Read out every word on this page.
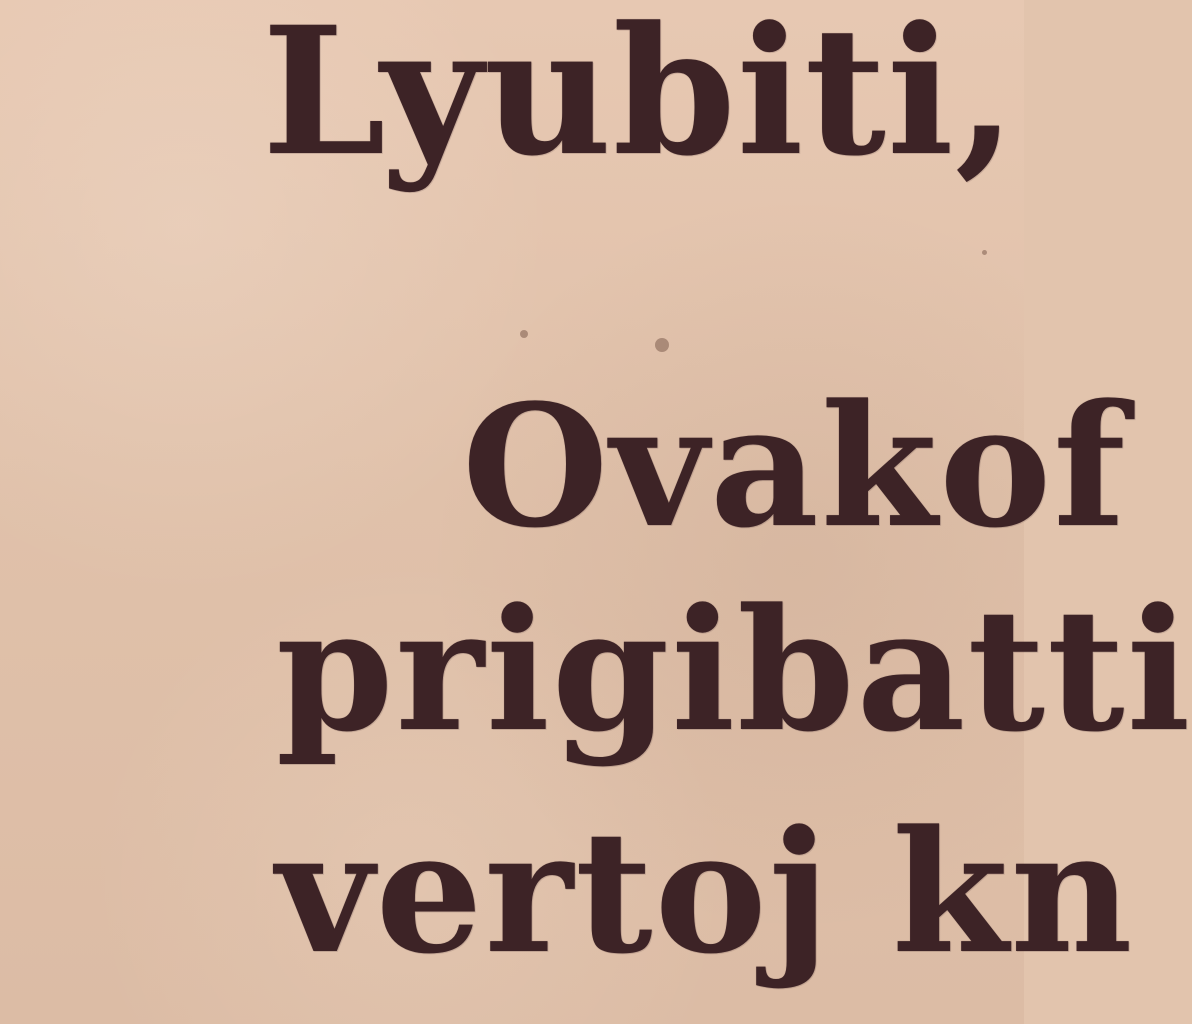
Lyubiti,

Ovakof

prigibatti

vertoj kn
